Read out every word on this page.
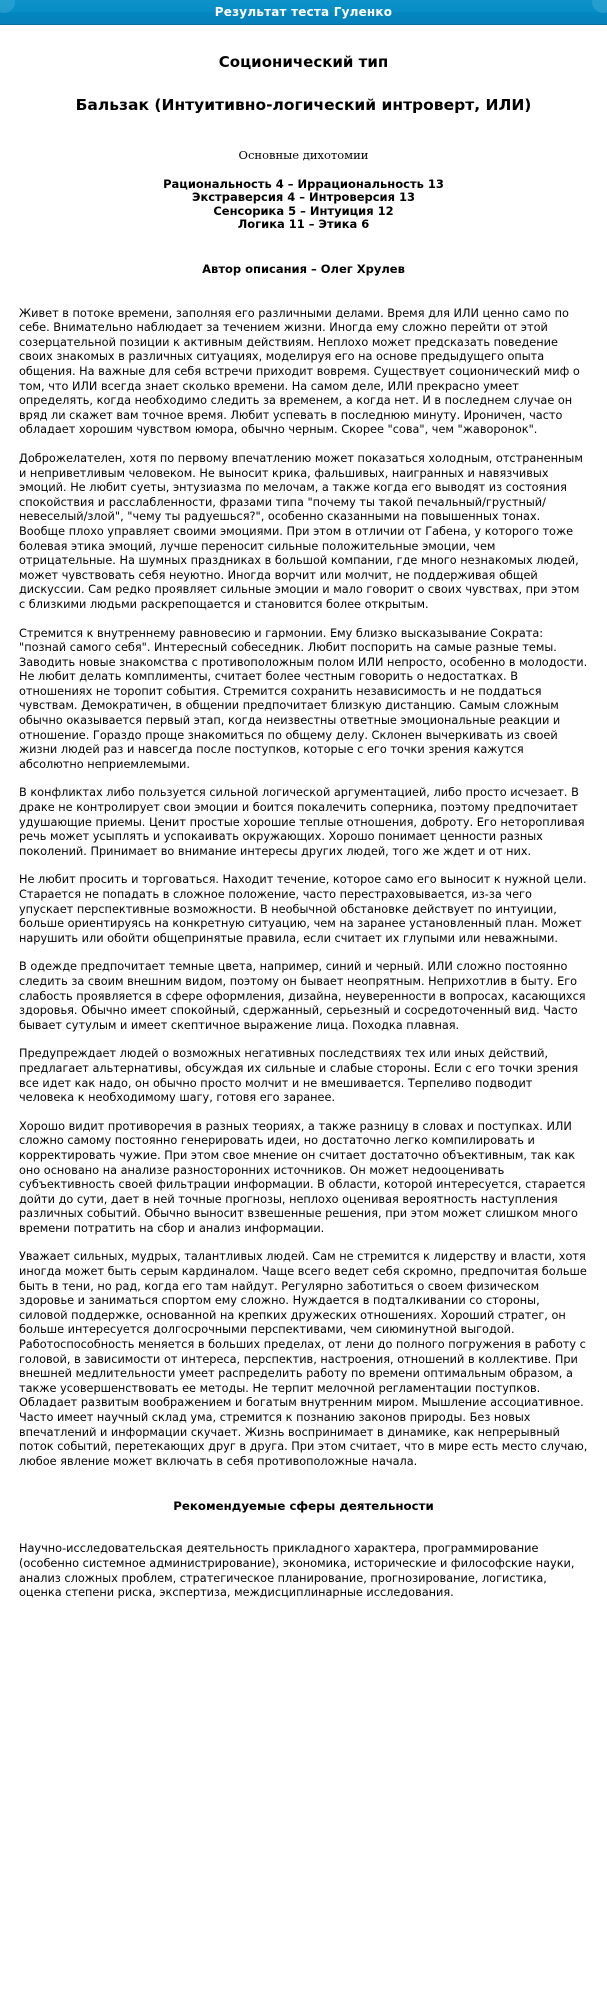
Результат теста Гуленко
Соционический тип
Бальзак (Интуитивно-логический интроверт, ИЛИ)

Основные дихотомии

Рациональность 4 – Иррациональность 13
Экстраверсия 4 – Интроверсия 13
Сенсорика 5 – Интуиция 12
Логика 11 – Этика 6

Автор описания – Олег Хрулев

Живет в потоке времени, заполняя его различными делами. Время для ИЛИ ценно само по себе. Внимательно наблюдает за течением жизни. Иногда ему сложно перейти от этой созерцательной позиции к активным действиям. Неплохо может предсказать поведение своих знакомых в различных ситуациях, моделируя его на основе предыдущего опыта общения. На важные для себя встречи приходит вовремя. Существует соционический миф о том, что ИЛИ всегда знает сколько времени. На самом деле, ИЛИ прекрасно умеет определять, когда необходимо следить за временем, а когда нет. И в последнем случае он вряд ли скажет вам точное время. Любит успевать в последнюю минуту. Ироничен, часто обладает хорошим чувством юмора, обычно черным. Скорее "сова", чем "жаворонок".

Доброжелателен, хотя по первому впечатлению может показаться холодным, отстраненным и неприветливым человеком. Не выносит крика, фальшивых, наигранных и навязчивых эмоций. Не любит суеты, энтузиазма по мелочам, а также когда его выводят из состояния спокойствия и расслабленности, фразами типа "почему ты такой печальный/грустный/невеселый/злой", "чему ты радуешься?", особенно сказанными на повышенных тонах. Вообще плохо управляет своими эмоциями. При этом в отличии от Габена, у которого тоже болевая этика эмоций, лучше переносит сильные положительные эмоции, чем отрицательные. На шумных праздниках в большой компании, где много незнакомых людей, может чувствовать себя неуютно. Иногда ворчит или молчит, не поддерживая общей дискуссии. Сам редко проявляет сильные эмоции и мало говорит о своих чувствах, при этом с близкими людьми раскрепощается и становится более открытым.

Стремится к внутреннему равновесию и гармонии. Ему близко высказывание Сократа: "познай самого себя". Интересный собеседник. Любит поспорить на самые разные темы. Заводить новые знакомства с противоположным полом ИЛИ непросто, особенно в молодости. Не любит делать комплименты, считает более честным говорить о недостатках. В отношениях не торопит события. Стремится сохранить независимость и не поддаться чувствам. Демократичен, в общении предпочитает близкую дистанцию. Самым сложным обычно оказывается первый этап, когда неизвестны ответные эмоциональные реакции и отношение. Гораздо проще знакомиться по общему делу. Склонен вычеркивать из своей жизни людей раз и навсегда после поступков, которые с его точки зрения кажутся абсолютно неприемлемыми.

В конфликтах либо пользуется сильной логической аргументацией, либо просто исчезает. В драке не контролирует свои эмоции и боится покалечить соперника, поэтому предпочитает удушающие приемы. Ценит простые хорошие теплые отношения, доброту. Его неторопливая речь может усыплять и успокаивать окружающих. Хорошо понимает ценности разных поколений. Принимает во внимание интересы других людей, того же ждет и от них.

Не любит просить и торговаться. Находит течение, которое само его выносит к нужной цели. Старается не попадать в сложное положение, часто перестраховывается, из-за чего упускает перспективные возможности. В необычной обстановке действует по интуиции, больше ориентируясь на конкретную ситуацию, чем на заранее установленный план. Может нарушить или обойти общепринятые правила, если считает их глупыми или неважными.

В одежде предпочитает темные цвета, например, синий и черный. ИЛИ сложно постоянно следить за своим внешним видом, поэтому он бывает неопрятным. Неприхотлив в быту. Его слабость проявляется в сфере оформления, дизайна, неуверенности в вопросах, касающихся здоровья. Обычно имеет спокойный, сдержанный, серьезный и сосредоточенный вид. Часто бывает сутулым и имеет скептичное выражение лица. Походка плавная.

Предупреждает людей о возможных негативных последствиях тех или иных действий, предлагает альтернативы, обсуждая их сильные и слабые стороны. Если с его точки зрения все идет как надо, он обычно просто молчит и не вмешивается. Терпеливо подводит человека к необходимому шагу, готовя его заранее.

Хорошо видит противоречия в разных теориях, а также разницу в словах и поступках. ИЛИ сложно самому постоянно генерировать идеи, но достаточно легко компилировать и корректировать чужие. При этом свое мнение он считает достаточно объективным, так как оно основано на анализе разносторонних источников. Он может недооценивать субъективность своей фильтрации информации. В области, которой интересуется, старается дойти до сути, дает в ней точные прогнозы, неплохо оценивая вероятность наступления различных событий. Обычно выносит взвешенные решения, при этом может слишком много времени потратить на сбор и анализ информации.

Уважает сильных, мудрых, талантливых людей. Сам не стремится к лидерству и власти, хотя иногда может быть серым кардиналом. Чаще всего ведет себя скромно, предпочитая больше быть в тени, но рад, когда его там найдут. Регулярно заботиться о своем физическом здоровье и заниматься спортом ему сложно. Нуждается в подталкивании со стороны, силовой поддержке, основанной на крепких дружеских отношениях. Хороший стратег, он больше интересуется долгосрочными перспективами, чем сиюминутной выгодой. Работоспособность меняется в больших пределах, от лени до полного погружения в работу с головой, в зависимости от интереса, перспектив, настроения, отношений в коллективе. При внешней медлительности умеет распределить работу по времени оптимальным образом, а также усовершенствовать ее методы. Не терпит мелочной регламентации поступков. Обладает развитым воображением и богатым внутренним миром. Мышление ассоциативное. Часто имеет научный склад ума, стремится к познанию законов природы. Без новых впечатлений и информации скучает. Жизнь воспринимает в динамике, как непрерывный поток событий, перетекающих друг в друга. При этом считает, что в мире есть место случаю, любое явление может включать в себя противоположные начала.

Рекомендуемые сферы деятельности

Научно-исследовательская деятельность прикладного характера, программирование (особенно системное администрирование), экономика, исторические и философские науки, анализ сложных проблем, стратегическое планирование, прогнозирование, логистика, оценка степени риска, экспертиза, междисциплинарные исследования.
